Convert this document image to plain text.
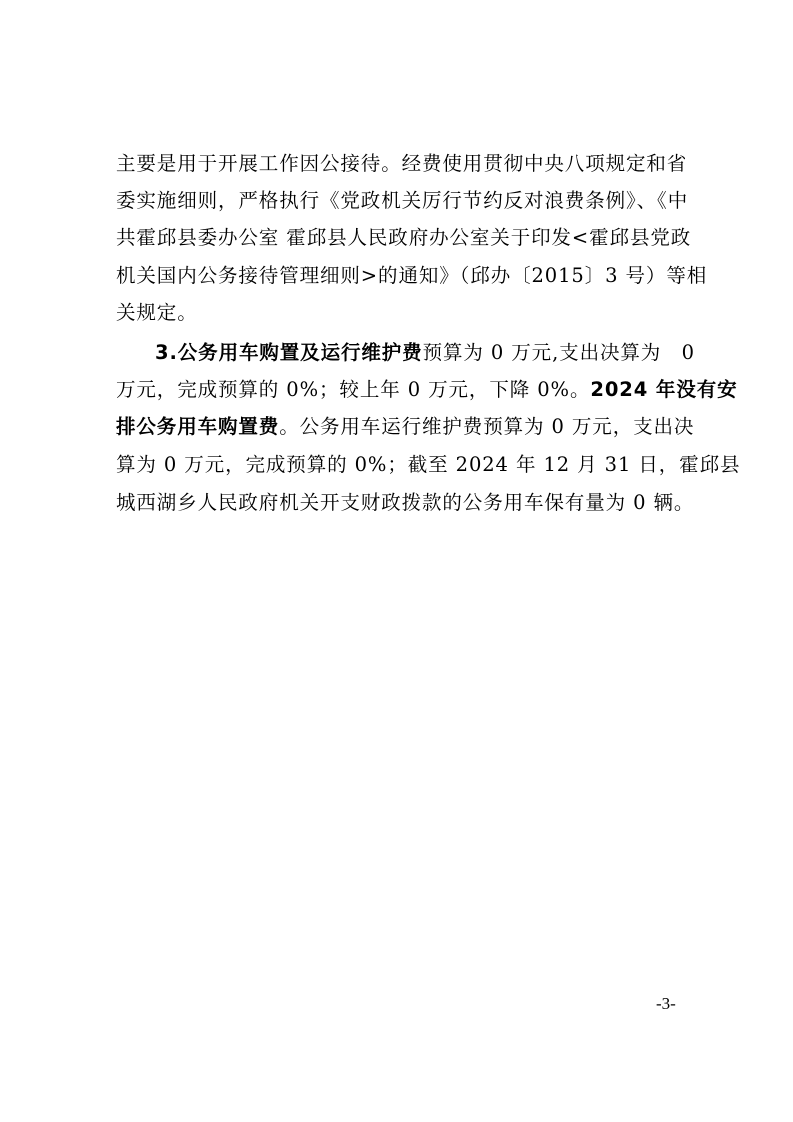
主要是用于开展工作因公接待。经费使用贯彻中央八项规定和省
委实施细则，严格执行《党政机关厉行节约反对浪费条例》、《中
共霍邱县委办公室 霍邱县人民政府办公室关于印发<霍邱县党政
机关国内公务接待管理细则>的通知》（邱办〔2015〕3 号）等相
关规定。
3.公务用车购置及运行维护费预算为 0 万元,支出决算为　0
万元，完成预算的 0%；较上年 0 万元，下降 0%。2024 年没有安
排公务用车购置费。公务用车运行维护费预算为 0 万元，支出决
算为 0 万元，完成预算的 0%；截至 2024 年 12 月 31 日，霍邱县
城西湖乡人民政府机关开支财政拨款的公务用车保有量为 0 辆。
-3-
